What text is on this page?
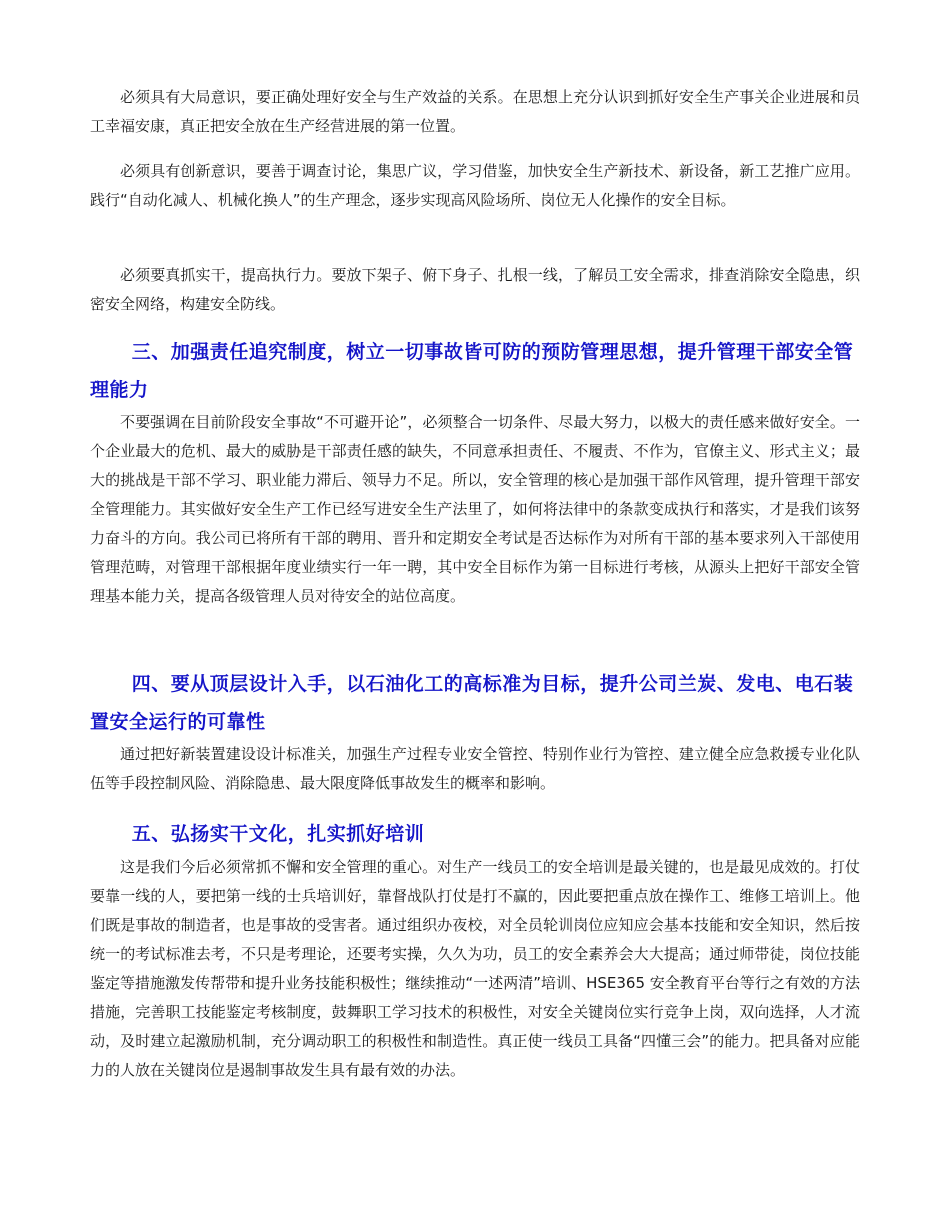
必须具有大局意识，要正确处理好安全与生产效益的关系。在思想上充分认识到抓好安全生产事关企业进展和员工幸福安康，真正把安全放在生产经营进展的第一位置。

必须具有创新意识，要善于调查讨论，集思广议，学习借鉴，加快安全生产新技术、新设备，新工艺推广应用。践行“自动化减人、机械化换人”的生产理念，逐步实现高风险场所、岗位无人化操作的安全目标。

必须要真抓实干，提高执行力。要放下架子、俯下身子、扎根一线，了解员工安全需求，排查消除安全隐患，织密安全网络，构建安全防线。

三、加强责任追究制度，树立一切事故皆可防的预防管理思想，提升管理干部安全管理能力

不要强调在目前阶段安全事故“不可避开论”，必须整合一切条件、尽最大努力，以极大的责任感来做好安全。一个企业最大的危机、最大的威胁是干部责任感的缺失，不同意承担责任、不履责、不作为，官僚主义、形式主义；最大的挑战是干部不学习、职业能力滞后、领导力不足。所以，安全管理的核心是加强干部作风管理，提升管理干部安全管理能力。其实做好安全生产工作已经写进安全生产法里了，如何将法律中的条款变成执行和落实，才是我们该努力奋斗的方向。我公司已将所有干部的聘用、晋升和定期安全考试是否达标作为对所有干部的基本要求列入干部使用管理范畴，对管理干部根据年度业绩实行一年一聘，其中安全目标作为第一目标进行考核，从源头上把好干部安全管理基本能力关，提高各级管理人员对待安全的站位高度。

四、要从顶层设计入手，以石油化工的高标准为目标，提升公司兰炭、发电、电石装置安全运行的可靠性

通过把好新装置建设设计标准关，加强生产过程专业安全管控、特别作业行为管控、建立健全应急救援专业化队伍等手段控制风险、消除隐患、最大限度降低事故发生的概率和影响。

五、弘扬实干文化，扎实抓好培训

这是我们今后必须常抓不懈和安全管理的重心。对生产一线员工的安全培训是最关键的，也是最见成效的。打仗要靠一线的人，要把第一线的士兵培训好，靠督战队打仗是打不赢的，因此要把重点放在操作工、维修工培训上。他们既是事故的制造者，也是事故的受害者。通过组织办夜校，对全员轮训岗位应知应会基本技能和安全知识，然后按统一的考试标准去考，不只是考理论，还要考实操，久久为功，员工的安全素养会大大提高；通过师带徒，岗位技能鉴定等措施激发传帮带和提升业务技能积极性；继续推动“一述两清”培训、HSE365 安全教育平台等行之有效的方法措施，完善职工技能鉴定考核制度，鼓舞职工学习技术的积极性，对安全关键岗位实行竞争上岗，双向选择，人才流动，及时建立起激励机制，充分调动职工的积极性和制造性。真正使一线员工具备“四懂三会”的能力。把具备对应能力的人放在关键岗位是遏制事故发生具有最有效的办法。
